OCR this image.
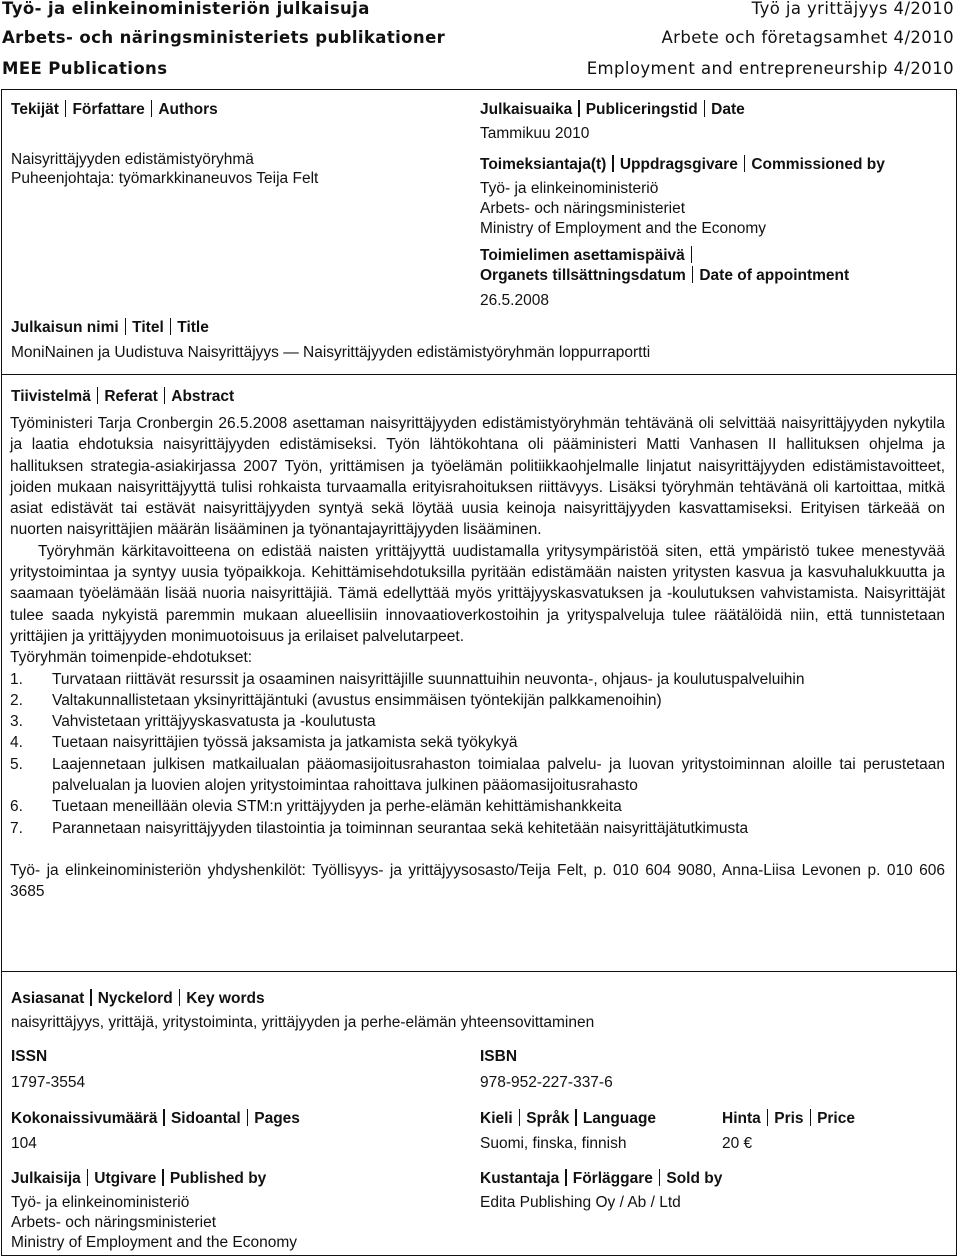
Työ- ja elinkeinoministeriön julkaisuja	Työ ja yrittäjyys 4/2010
Arbets- och näringsministeriets publikationer	Arbete och företagsamhet 4/2010
MEE Publications	Employment and entrepreneurship 4/2010
Tekijät Författare Authors
Naisyrittäjyyden edistämistyöryhmä
Puheenjohtaja: työmarkkinaneuvos Teija Felt
Julkaisuaika Publiceringstid Date
Tammikuu 2010
Toimeksiantaja(t) Uppdragsgivare Commissioned by
Työ- ja elinkeinoministeriö
Arbets- och näringsministeriet
Ministry of Employment and the Economy
Toimielimen asettamispäivä
Organets tillsättningsdatum Date of appointment
26.5.2008
Julkaisun nimi Titel Title
MoniNainen ja Uudistuva Naisyrittäjyys — Naisyrittäjyyden edistämistyöryhmän loppurraportti
Tiivistelmä Referat Abstract

Työministeri Tarja Cronbergin 26.5.2008 asettaman naisyrittäjyyden edistämistyöryhmän tehtävänä oli selvittää naisyrittäjyyden nykytila ja laatia ehdotuksia naisyrittäjyyden edistämiseksi. Työn lähtökohtana oli pääministeri Matti Vanhasen II hallituksen ohjelma ja hallituksen strategia-asiakirjassa 2007 Työn, yrittämisen ja työelämän politiikkaohjelmalle linjatut naisyrittäjyyden edistämistavoitteet, joiden mukaan naisyrittäjyyttä tulisi rohkaista turvaamalla erityisrahoituksen riittävyys. Lisäksi työryhmän tehtävänä oli kartoittaa, mitkä asiat edistävät tai estävät naisyrittäjyyden syntyä sekä löytää uusia keinoja naisyrittäjyyden kasvattamiseksi. Erityisen tärkeää on nuorten naisyrittäjien määrän lisääminen ja työnantajayrittäjyyden lisääminen.

Työryhmän kärkitavoitteena on edistää naisten yrittäjyyttä uudistamalla yritysympäristöä siten, että ympäristö tukee menestyvää yritystoimintaa ja syntyy uusia työpaikkoja. Kehittämisehdotuksilla pyritään edistämään naisten yritysten kasvua ja kasvuhalukkuutta ja saamaan työelämään lisää nuoria naisyrittäjiä. Tämä edellyttää myös yrittäjyyskasvatuksen ja -koulutuksen vahvistamista. Naisyrittäjät tulee saada nykyistä paremmin mukaan alueellisiin innovaatioverkostoihin ja yrityspalveluja tulee räätälöidä niin, että tunnistetaan yrittäjien ja yrittäjyyden monimuotoisuus ja erilaiset palvelutarpeet.

Työryhmän toimenpide-ehdotukset:

1.	Turvataan riittävät resurssit ja osaaminen naisyrittäjille suunnattuihin neuvonta-, ohjaus- ja koulutuspalveluihin
2.	Valtakunnallistetaan yksinyrittäjäntuki (avustus ensimmäisen työntekijän palkkamenoihin)
3.	Vahvistetaan yrittäjyyskasvatusta ja -koulutusta
4.	Tuetaan naisyrittäjien työssä jaksamista ja jatkamista sekä työkykyä
5.	Laajennetaan julkisen matkailualan pääomasijoitusrahaston toimialaa palvelu- ja luovan yritystoiminnan aloille tai perustetaan palvelualan ja luovien alojen yritystoimintaa rahoittava julkinen pääomasijoitusrahasto
6.	Tuetaan meneillään olevia STM:n yrittäjyyden ja perhe-elämän kehittämishankkeita
7.	Parannetaan naisyrittäjyyden tilastointia ja toiminnan seurantaa sekä kehitetään naisyrittäjätutkimusta

Työ- ja elinkeinoministeriön yhdyshenkilöt: Työllisyys- ja yrittäjyysosasto/Teija Felt, p. 010 604 9080, Anna-Liisa Levonen p. 010 606 3685

Asiasanat Nyckelord Key words
naisyrittäjyys, yrittäjä, yritystoiminta, yrittäjyyden ja perhe-elämän yhteensovittaminen
ISSN
1797-3554
ISBN
978-952-227-337-6
Kokonaissivumäärä Sidoantal Pages
104
Kieli Språk Language
Suomi, finska, finnish
Hinta Pris Price
20 €
Julkaisija Utgivare Published by
Työ- ja elinkeinoministeriö
Arbets- och näringsministeriet
Ministry of Employment and the Economy
Kustantaja Förläggare Sold by
Edita Publishing Oy / Ab / Ltd
